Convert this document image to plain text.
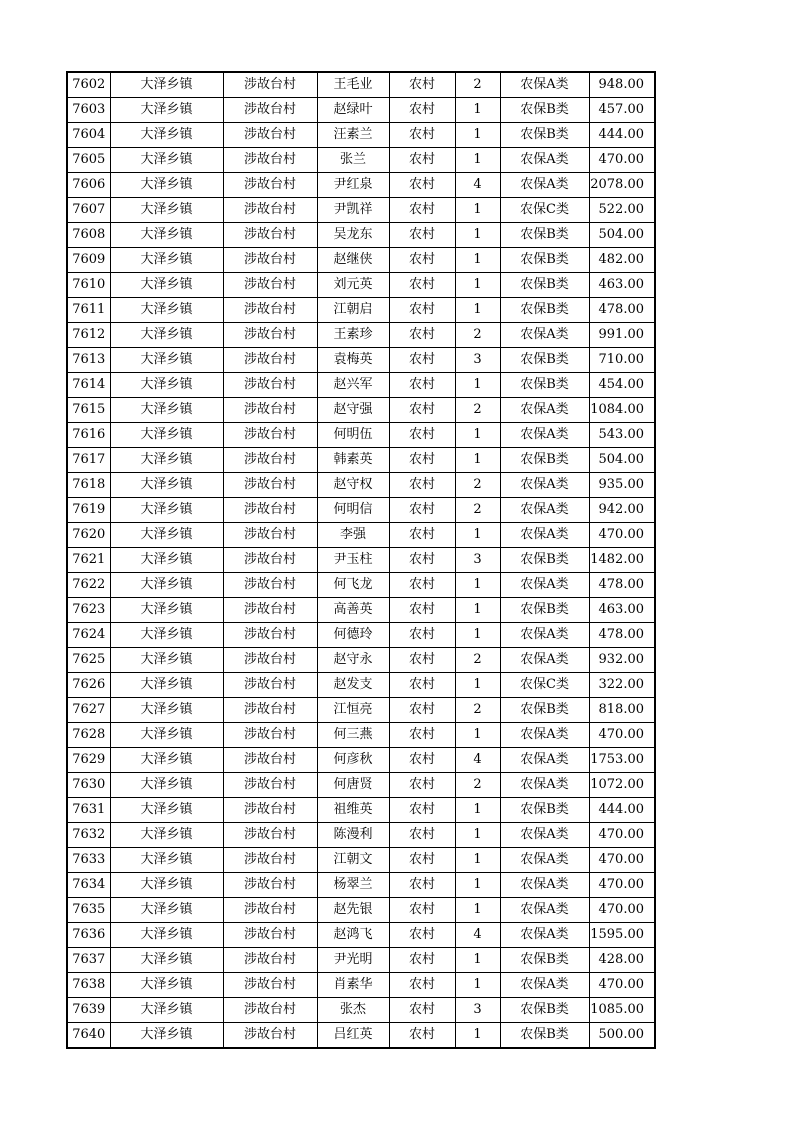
7602	大泽乡镇	涉故台村	王毛业	农村	2	农保A类	948.00
7603	大泽乡镇	涉故台村	赵绿叶	农村	1	农保B类	457.00
7604	大泽乡镇	涉故台村	汪素兰	农村	1	农保B类	444.00
7605	大泽乡镇	涉故台村	张兰	农村	1	农保A类	470.00
7606	大泽乡镇	涉故台村	尹红泉	农村	4	农保A类	2078.00
7607	大泽乡镇	涉故台村	尹凯祥	农村	1	农保C类	522.00
7608	大泽乡镇	涉故台村	吴龙东	农村	1	农保B类	504.00
7609	大泽乡镇	涉故台村	赵继侠	农村	1	农保B类	482.00
7610	大泽乡镇	涉故台村	刘元英	农村	1	农保B类	463.00
7611	大泽乡镇	涉故台村	江朝启	农村	1	农保B类	478.00
7612	大泽乡镇	涉故台村	王素珍	农村	2	农保A类	991.00
7613	大泽乡镇	涉故台村	袁梅英	农村	3	农保B类	710.00
7614	大泽乡镇	涉故台村	赵兴军	农村	1	农保B类	454.00
7615	大泽乡镇	涉故台村	赵守强	农村	2	农保A类	1084.00
7616	大泽乡镇	涉故台村	何明伍	农村	1	农保A类	543.00
7617	大泽乡镇	涉故台村	韩素英	农村	1	农保B类	504.00
7618	大泽乡镇	涉故台村	赵守权	农村	2	农保A类	935.00
7619	大泽乡镇	涉故台村	何明信	农村	2	农保A类	942.00
7620	大泽乡镇	涉故台村	李强	农村	1	农保A类	470.00
7621	大泽乡镇	涉故台村	尹玉柱	农村	3	农保B类	1482.00
7622	大泽乡镇	涉故台村	何飞龙	农村	1	农保A类	478.00
7623	大泽乡镇	涉故台村	高善英	农村	1	农保B类	463.00
7624	大泽乡镇	涉故台村	何德玲	农村	1	农保A类	478.00
7625	大泽乡镇	涉故台村	赵守永	农村	2	农保A类	932.00
7626	大泽乡镇	涉故台村	赵发支	农村	1	农保C类	322.00
7627	大泽乡镇	涉故台村	江恒亮	农村	2	农保B类	818.00
7628	大泽乡镇	涉故台村	何三燕	农村	1	农保A类	470.00
7629	大泽乡镇	涉故台村	何彦秋	农村	4	农保A类	1753.00
7630	大泽乡镇	涉故台村	何唐贤	农村	2	农保A类	1072.00
7631	大泽乡镇	涉故台村	祖维英	农村	1	农保B类	444.00
7632	大泽乡镇	涉故台村	陈漫利	农村	1	农保A类	470.00
7633	大泽乡镇	涉故台村	江朝文	农村	1	农保A类	470.00
7634	大泽乡镇	涉故台村	杨翠兰	农村	1	农保A类	470.00
7635	大泽乡镇	涉故台村	赵先银	农村	1	农保A类	470.00
7636	大泽乡镇	涉故台村	赵鸿飞	农村	4	农保A类	1595.00
7637	大泽乡镇	涉故台村	尹光明	农村	1	农保B类	428.00
7638	大泽乡镇	涉故台村	肖素华	农村	1	农保A类	470.00
7639	大泽乡镇	涉故台村	张杰	农村	3	农保B类	1085.00
7640	大泽乡镇	涉故台村	吕红英	农村	1	农保B类	500.00
